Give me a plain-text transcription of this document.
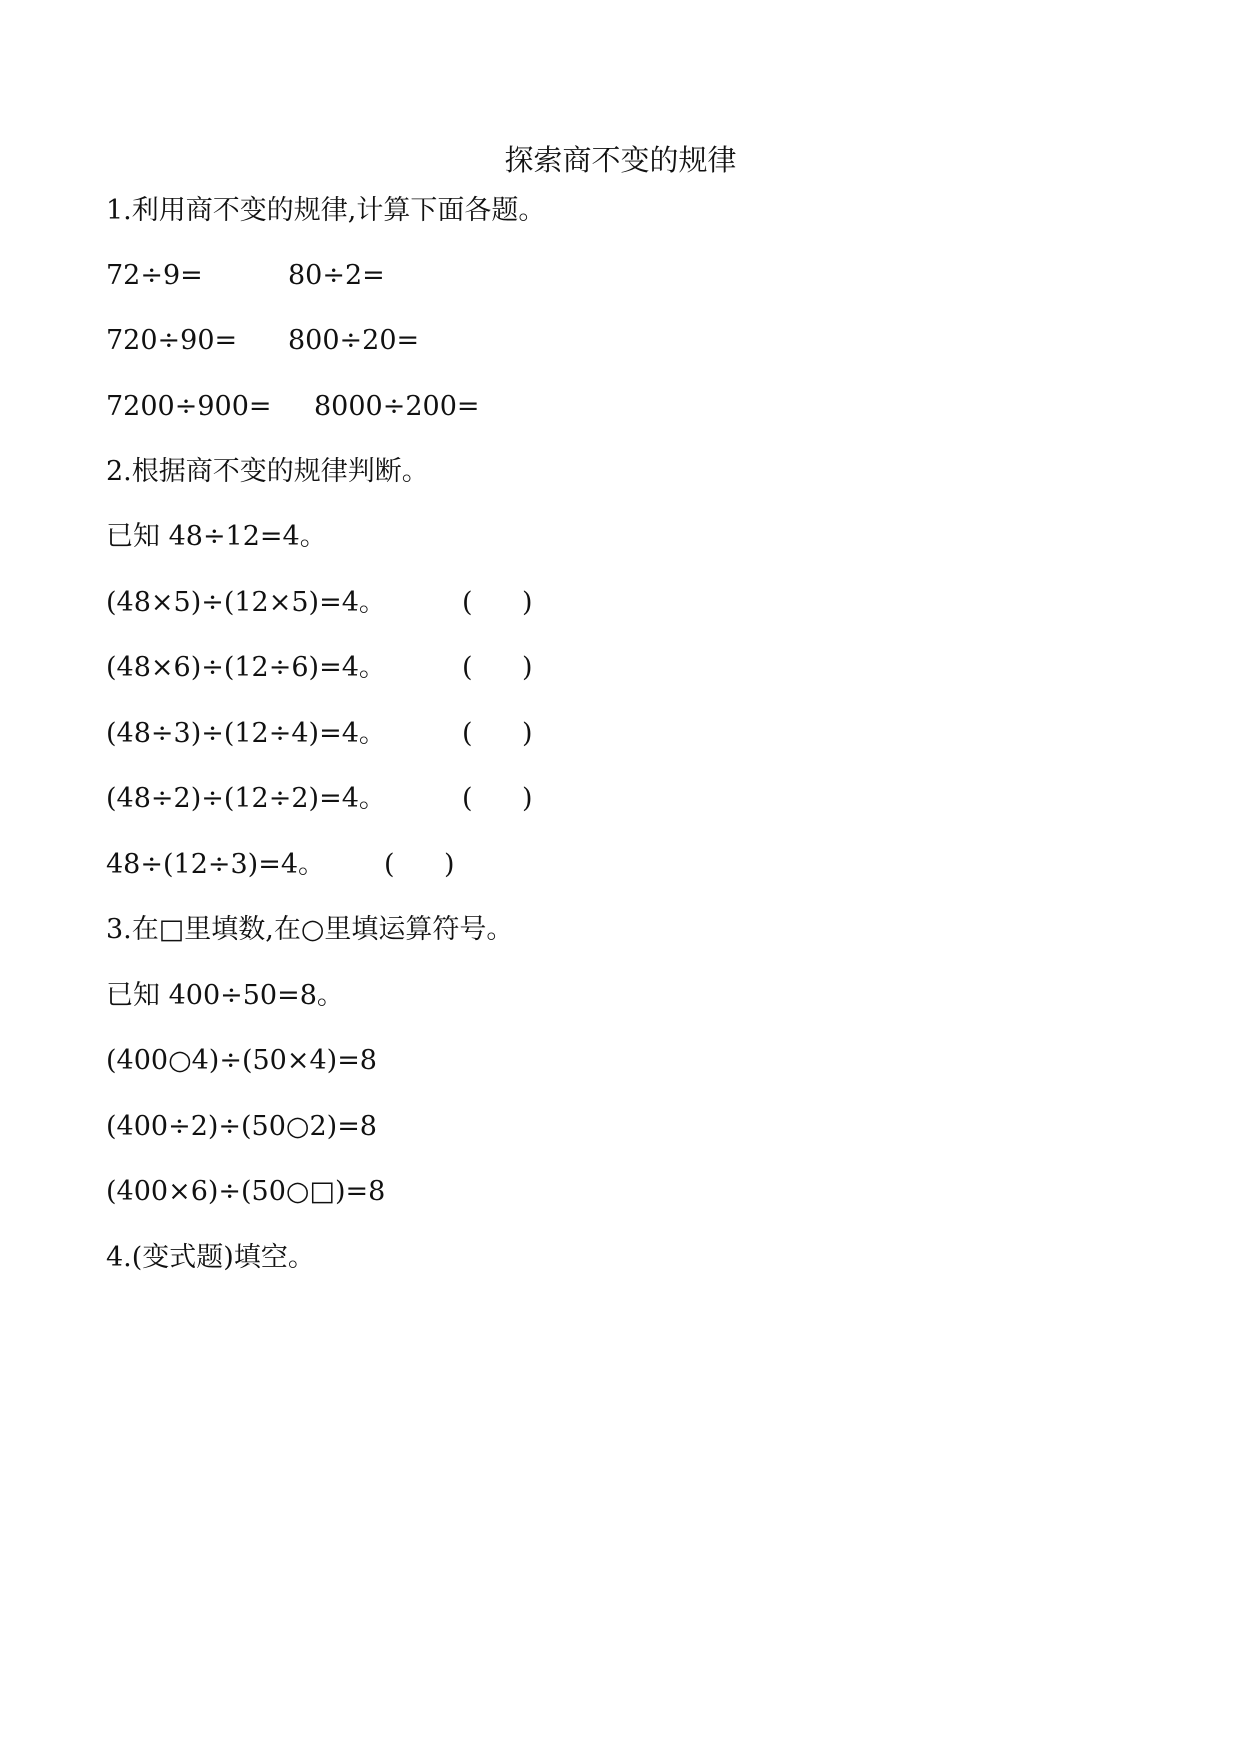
探索商不变的规律
1.利用商不变的规律,计算下面各题。
72÷9=	80÷2=
720÷90= 800÷20=
7200÷900= 8000÷200=
2.根据商不变的规律判断。
已知 48÷12=4。
(48×5)÷(12×5)=4。	( )
(48×6)÷(12÷6)=4。	( )
(48÷3)÷(12÷4)=4。	( )
(48÷2)÷(12÷2)=4。	( )
48÷(12÷3)=4。 ( )
3.在□里填数,在○里填运算符号。
已知 400÷50=8。
(400○4)÷(50×4)=8
(400÷2)÷(50○2)=8
(400×6)÷(50○□)=8
4.(变式题)填空。
